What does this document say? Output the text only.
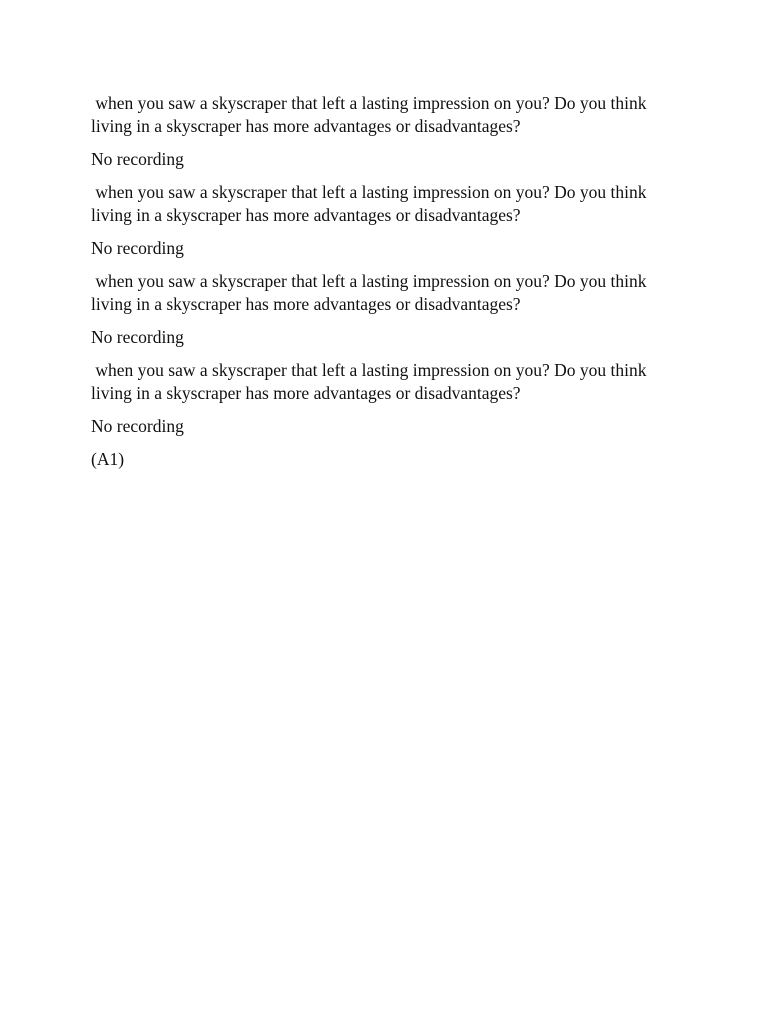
when you saw a skyscraper that left a lasting impression on you? Do you think living in a skyscraper has more advantages or disadvantages?

No recording

when you saw a skyscraper that left a lasting impression on you? Do you think living in a skyscraper has more advantages or disadvantages?

No recording

when you saw a skyscraper that left a lasting impression on you? Do you think living in a skyscraper has more advantages or disadvantages?

No recording

when you saw a skyscraper that left a lasting impression on you? Do you think living in a skyscraper has more advantages or disadvantages?

No recording

(A1)
